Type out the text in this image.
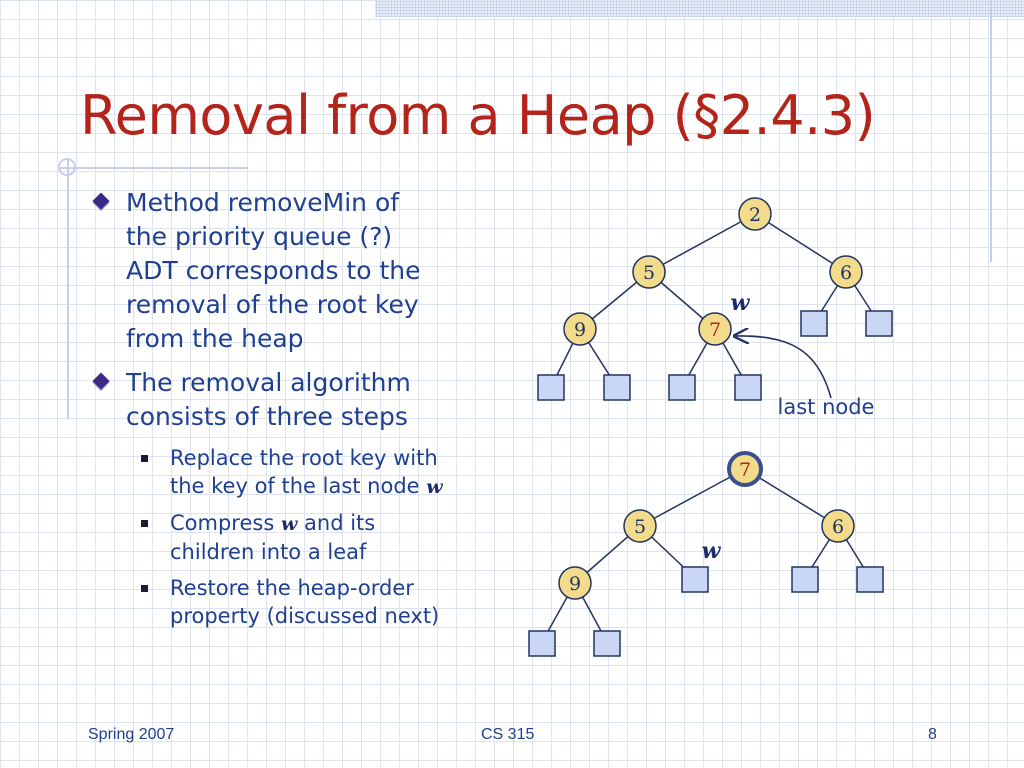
Removal from a Heap (§2.4.3)
Method removeMin of
the priority queue (?)
ADT corresponds to the
removal of the root key
from the heap
The removal algorithm
consists of three steps
Replace the root key with
the key of the last node w
Compress w and its
children into a leaf
Restore the heap-order
property (discussed next)
2
5	6
9	7
w
last node
7
5	6
9
w
Spring 2007	CS 315	8
